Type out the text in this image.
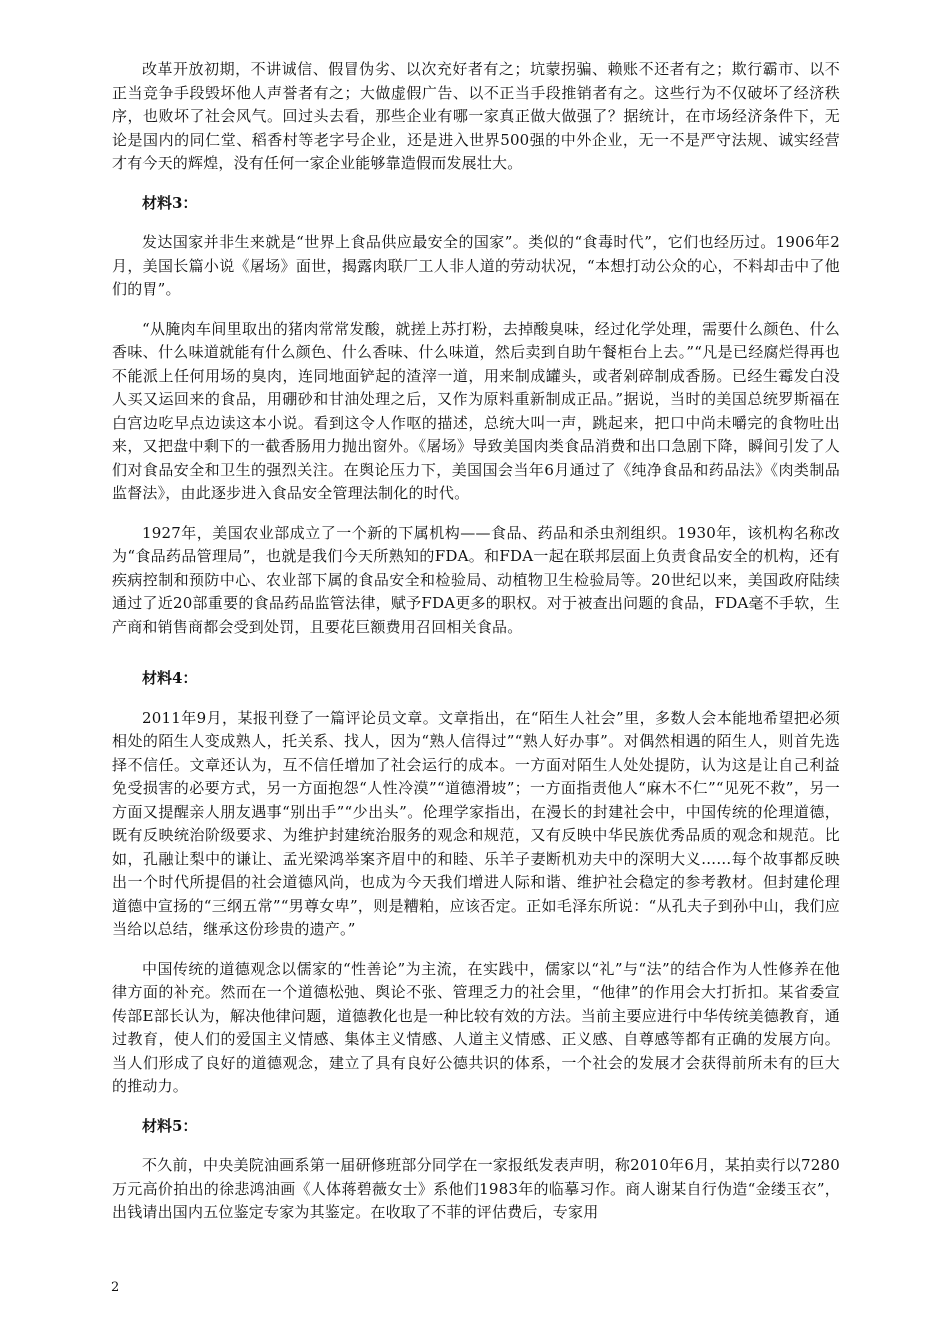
改革开放初期，不讲诚信、假冒伪劣、以次充好者有之；坑蒙拐骗、赖账不还者有之；欺行霸市、以不正当竞争手段毁坏他人声誉者有之；大做虚假广告、以不正当手段推销者有之。这些行为不仅破坏了经济秩序，也败坏了社会风气。回过头去看，那些企业有哪一家真正做大做强了？据统计，在市场经济条件下，无论是国内的同仁堂、稻香村等老字号企业，还是进入世界500强的中外企业，无一不是严守法规、诚实经营才有今天的辉煌，没有任何一家企业能够靠造假而发展壮大。

材料3：

发达国家并非生来就是“世界上食品供应最安全的国家”。类似的“食毒时代”，它们也经历过。1906年2月，美国长篇小说《屠场》面世，揭露肉联厂工人非人道的劳动状况，“本想打动公众的心，不料却击中了他们的胃”。

“从腌肉车间里取出的猪肉常常发酸，就搓上苏打粉，去掉酸臭味，经过化学处理，需要什么颜色、什么香味、什么味道就能有什么颜色、什么香味、什么味道，然后卖到自助午餐柜台上去。”“凡是已经腐烂得再也不能派上任何用场的臭肉，连同地面铲起的渣滓一道，用来制成罐头，或者剁碎制成香肠。已经生霉发白没人买又运回来的食品，用硼砂和甘油处理之后，又作为原料重新制成正品。”据说，当时的美国总统罗斯福在白宫边吃早点边读这本小说。看到这令人作呕的描述，总统大叫一声，跳起来，把口中尚未嚼完的食物吐出来，又把盘中剩下的一截香肠用力抛出窗外。《屠场》导致美国肉类食品消费和出口急剧下降，瞬间引发了人们对食品安全和卫生的强烈关注。在舆论压力下，美国国会当年6月通过了《纯净食品和药品法》《肉类制品监督法》，由此逐步进入食品安全管理法制化的时代。

1927年，美国农业部成立了一个新的下属机构——食品、药品和杀虫剂组织。1930年，该机构名称改为“食品药品管理局”，也就是我们今天所熟知的FDA。和FDA一起在联邦层面上负责食品安全的机构，还有疾病控制和预防中心、农业部下属的食品安全和检验局、动植物卫生检验局等。20世纪以来，美国政府陆续通过了近20部重要的食品药品监管法律，赋予FDA更多的职权。对于被查出问题的食品，FDA毫不手软，生产商和销售商都会受到处罚，且要花巨额费用召回相关食品。

材料4：

2011年9月，某报刊登了一篇评论员文章。文章指出，在“陌生人社会”里，多数人会本能地希望把必须相处的陌生人变成熟人，托关系、找人，因为“熟人信得过”“熟人好办事”。对偶然相遇的陌生人，则首先选择不信任。文章还认为，互不信任增加了社会运行的成本。一方面对陌生人处处提防，认为这是让自己利益免受损害的必要方式，另一方面抱怨“人性冷漠”“道德滑坡”；一方面指责他人“麻木不仁”“见死不救”，另一方面又提醒亲人朋友遇事“别出手”“少出头”。伦理学家指出，在漫长的封建社会中，中国传统的伦理道德，既有反映统治阶级要求、为维护封建统治服务的观念和规范，又有反映中华民族优秀品质的观念和规范。比如，孔融让梨中的谦让、孟光梁鸿举案齐眉中的和睦、乐羊子妻断机劝夫中的深明大义……每个故事都反映出一个时代所提倡的社会道德风尚，也成为今天我们增进人际和谐、维护社会稳定的参考教材。但封建伦理道德中宣扬的“三纲五常”“男尊女卑”，则是糟粕，应该否定。正如毛泽东所说：“从孔夫子到孙中山，我们应当给以总结，继承这份珍贵的遗产。”

中国传统的道德观念以儒家的“性善论”为主流，在实践中，儒家以“礼”与“法”的结合作为人性修养在他律方面的补充。然而在一个道德松弛、舆论不张、管理乏力的社会里，“他律”的作用会大打折扣。某省委宣传部E部长认为，解决他律问题，道德教化也是一种比较有效的方法。当前主要应进行中华传统美德教育，通过教育，使人们的爱国主义情感、集体主义情感、人道主义情感、正义感、自尊感等都有正确的发展方向。当人们形成了良好的道德观念，建立了具有良好公德共识的体系，一个社会的发展才会获得前所未有的巨大的推动力。

材料5：

不久前，中央美院油画系第一届研修班部分同学在一家报纸发表声明，称2010年6月，某拍卖行以7280万元高价拍出的徐悲鸿油画《人体蒋碧薇女士》系他们1983年的临摹习作。商人谢某自行伪造“金缕玉衣”，出钱请出国内五位鉴定专家为其鉴定。在收取了不菲的评估费后，专家用

2
